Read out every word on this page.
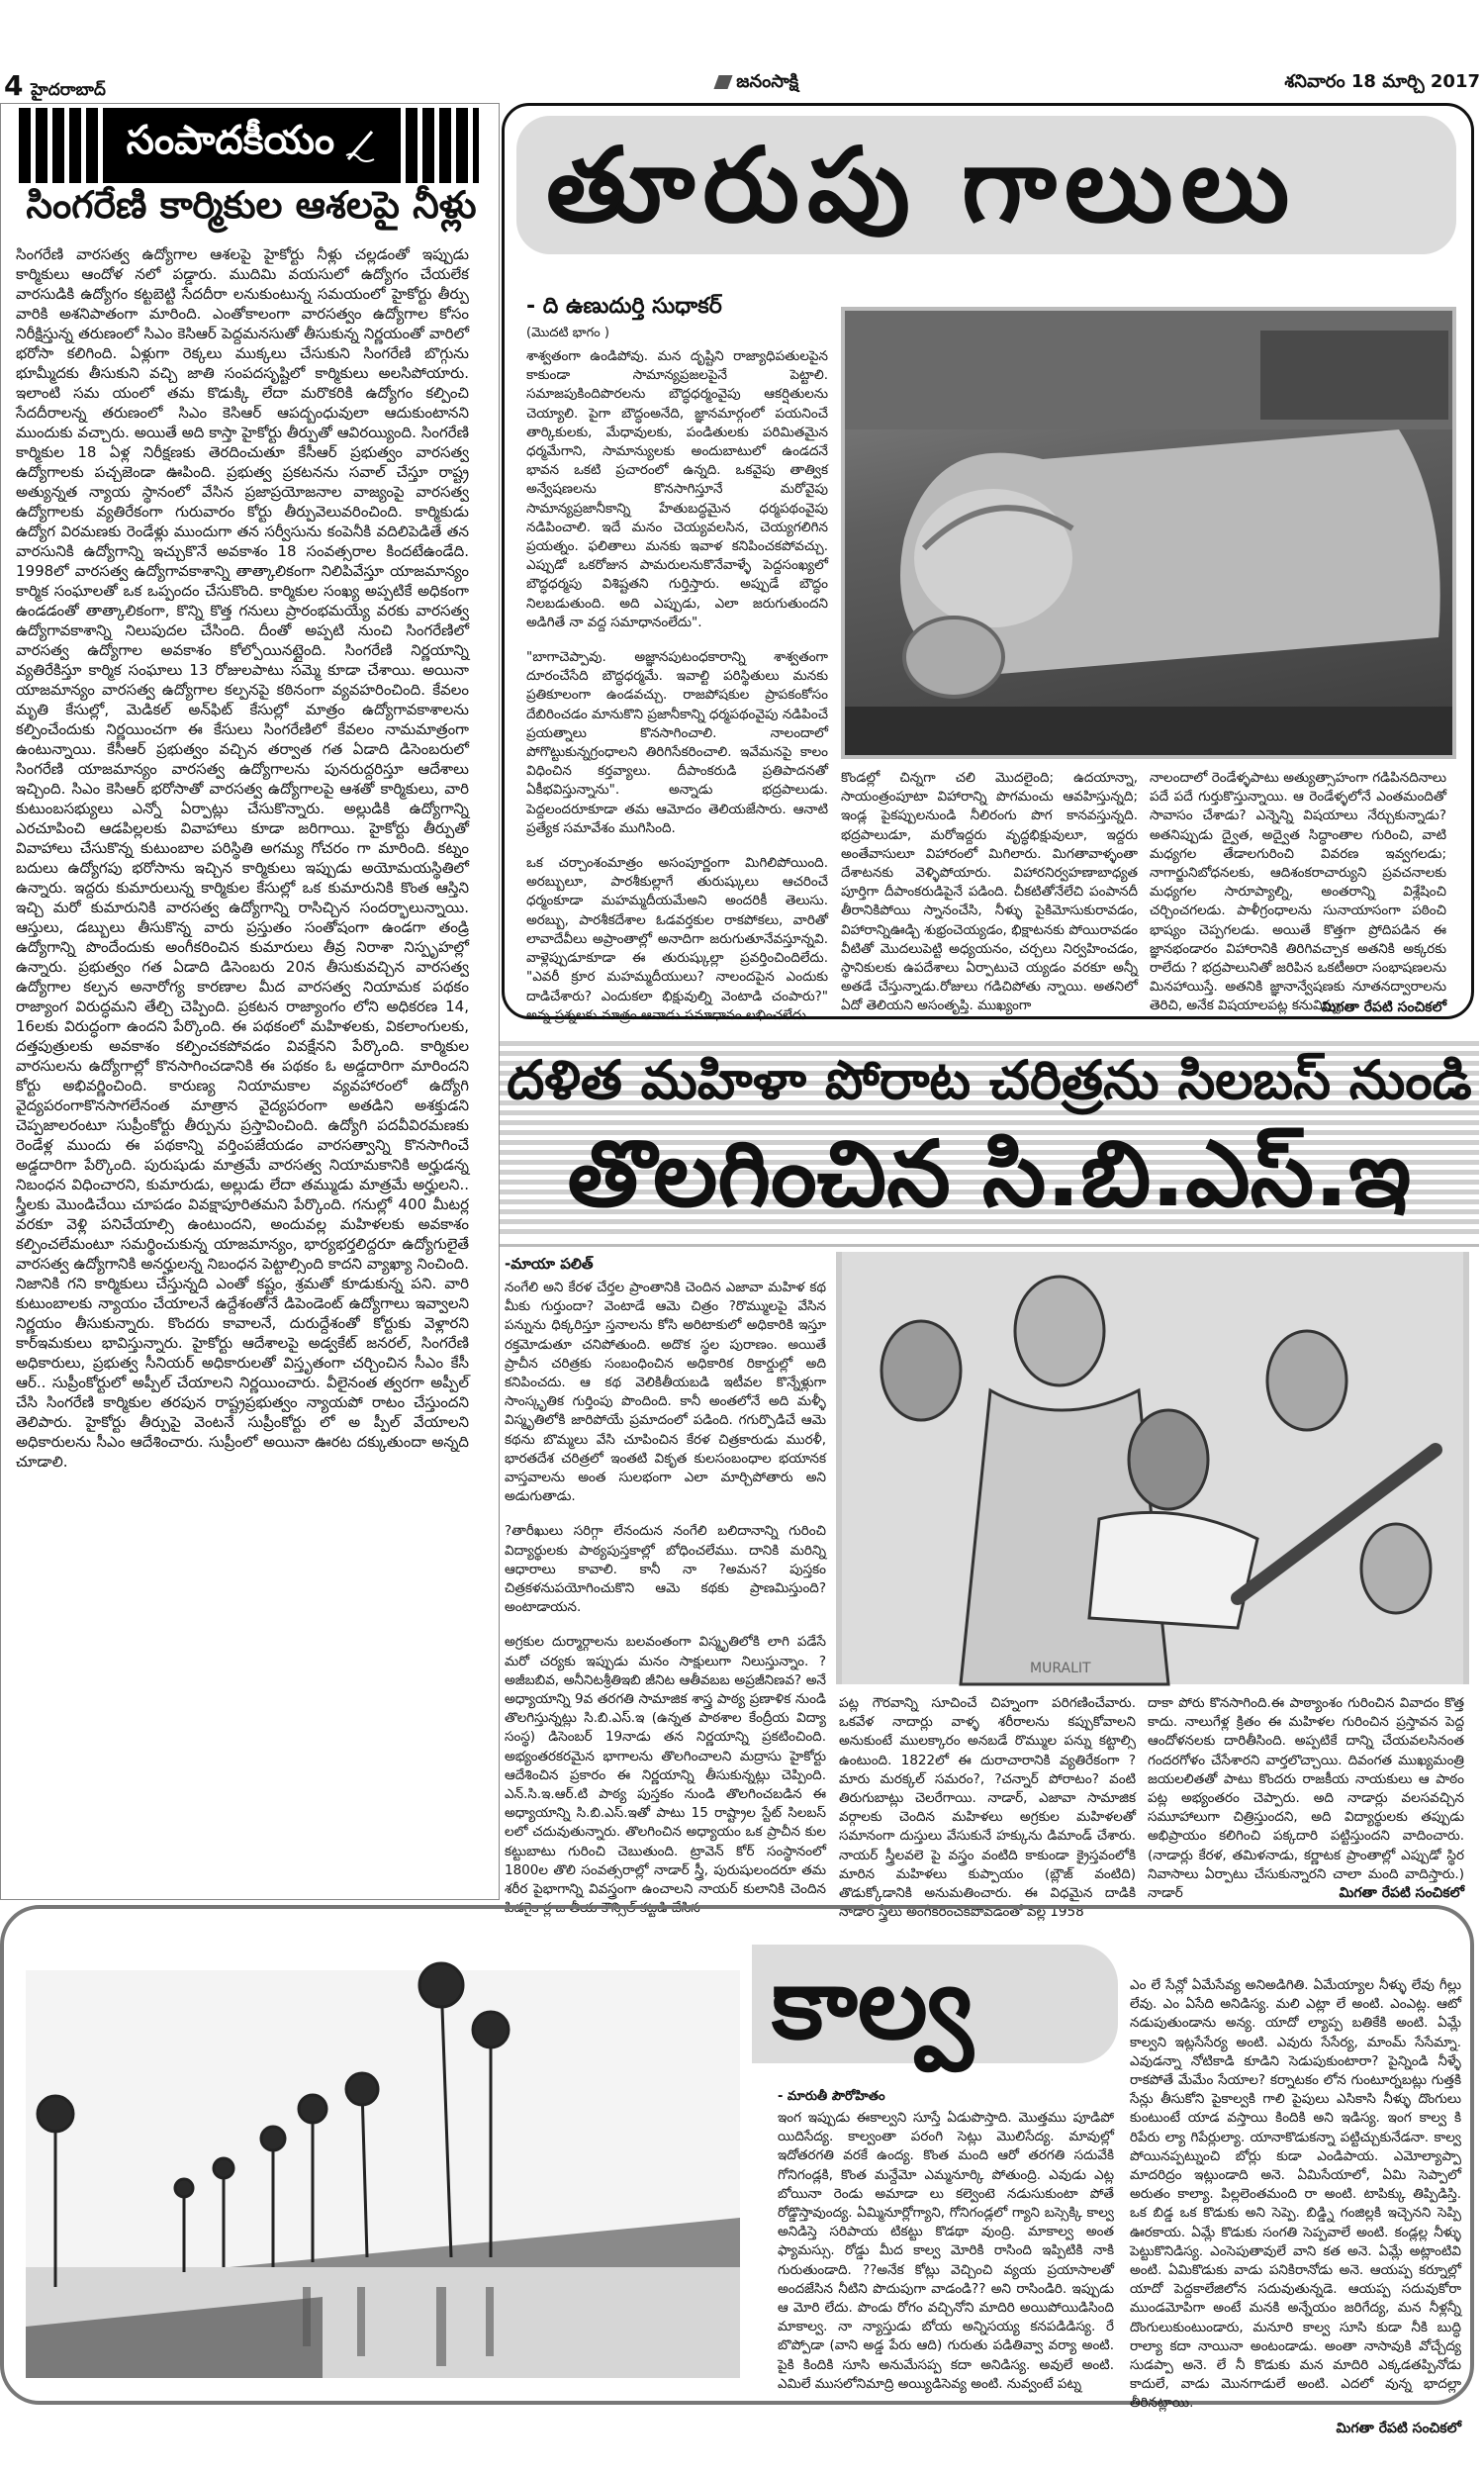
4 హైదరాబాద్	జనంసాక్షి	శనివారం 18 మార్చి 2017
సంపాదకీయం
సింగరేణి కార్మికుల ఆశలపై నీళ్లు
సింగరేణి వారసత్వ ఉద్యోగాల ఆశలపై హైకోర్టు నీళ్లు చల్లడంతో ఇప్పుడు కార్మికులు ఆందోళ నలో పడ్డారు. ముదిమి వయసులో ఉద్యోగం చేయలేక వారసుడికి ఉద్యోగం కట్టబెట్టి సేదదీరా లనుకుంటున్న సమయంలో హైకోర్టు తీర్పు వారికి అశనిపాతంగా మారింది. ఎంతోకాలంగా వారసత్వం ఉద్యోగాల కోసం నిరీక్షిస్తున్న తరుణంలో సిఎం కెసిఆర్ పెద్దమనసుతో తీసుకున్న నిర్ణయంతో వారిలో భరోసా కలిగింది. ఏళ్లుగా రెక్కలు ముక్కలు చేసుకుని సింగరేణి బొగ్గును భూమ్మీదకు తీసుకుని వచ్చి జాతి సంపదసృష్టిలో కార్మికులు అలసిపోయారు. ఇలాంటి సమ యంలో తమ కొడుక్కి లేదా మరొకరికి ఉద్యోగం కల్పించి సేదదీరాలన్న తరుణంలో సిఎం కెసిఆర్ ఆపద్బంధువులా ఆదుకుంటానని ముందుకు వచ్చారు. అయితే అది కాస్తా హైకోర్టు తీర్పుతో ఆవిరయ్యింది. సింగరేణి కార్మికుల 18 ఏళ్ల నిరీక్షణకు తెరదించుతూ కేసీఆర్ ప్రభుత్వం వారసత్వ ఉద్యోగాలకు పచ్చజెండా ఊపింది. ప్రభుత్వ ప్రకటనను సవాల్ చేస్తూ రాష్ట్ర అత్యున్నత న్యాయ స్థానంలో వేసిన ప్రజాప్రయోజనాల వాజ్యంపై వారసత్వ ఉద్యోగాలకు వ్యతిరేకంగా గురువారం కోర్టు తీర్పువెలువరించింది. కార్మికుడు ఉద్యోగ విరమణకు రెండేళ్లు ముందుగా తన సర్వీసును కంపెనీకి వదిలిపెడితే తన వారసునికి ఉద్యోగాన్ని ఇచ్చుకొనే అవకాశం 18 సంవత్సరాల కిందటేఉండేది. 1998లో వారసత్వ ఉద్యోగావకాశాన్ని తాత్కాలికంగా నిలిపివేస్తూ యాజమాన్యం కార్మిక సంఘాలతో ఒక ఒప్పందం చేసుకొంది. కార్మికుల సంఖ్య అప్పటికే అధికంగా ఉండడంతో తాత్కాలికంగా, కొన్ని కొత్త గనులు ప్రారంభమయ్యే వరకు వారసత్వ ఉద్యోగావకాశాన్ని నిలుపుదల చేసింది. దీంతో అప్పటి నుంచి సింగరేణిలో వారసత్వ ఉద్యోగాల అవకాశం కోల్పోయినట్లైంది. సింగరేణి నిర్ణయాన్ని వ్యతిరేకిస్తూ కార్మిక సంఘాలు 13 రోజులపాటు సమ్మె కూడా చేశాయి. అయినా యాజమాన్యం వారసత్వ ఉద్యోగాల కల్పనపై కఠినంగా వ్యవహరించింది. కేవలం మృతి కేసుల్లో, మెడికల్ అన్‌ఫిట్ కేసుల్లో మాత్రం ఉద్యోగావకాశాలను కల్పించేందుకు నిర్ణయించగా ఈ కేసులు సింగరేణిలో కేవలం నామమాత్రంగా ఉంటున్నాయి. కేసీఆర్ ప్రభుత్వం వచ్చిన తర్వాత గత ఏడాది డిసెంబరులో సింగరేణి యాజమాన్యం వారసత్వ ఉద్యోగాలను పునరుద్దరిస్తూ ఆదేశాలు ఇచ్చింది. సిఎం కెసిఆర్ భరోసాతో వారసత్వ ఉద్యోగాలపై ఆశతో కార్మికులు, వారి కుటుంబసభ్యులు ఎన్నో ఏర్పాట్లు చేసుకొన్నారు. అల్లుడికి ఉద్యోగాన్ని ఎరచూపించి ఆడపిల్లలకు వివాహాలు కూడా జరిగాయి. హైకోర్టు తీర్పుతో వివాహాలు చేసుకొన్న కుటుంబాల పరిస్థితి అగమ్య గోచరం గా మారింది. కట్నం బదులు ఉద్యోగపు భరోసాను ఇచ్చిన కార్మికులు ఇప్పుడు అయోమయస్థితిలో ఉన్నారు. ఇద్దరు కుమారులున్న కార్మికుల కేసుల్లో ఒక కుమారునికి కొంత ఆస్తిని ఇచ్చి మరో కుమారునికి వారసత్వ ఉద్యోగాన్ని రాసిచ్చిన సందర్భాలున్నాయి. ఆస్తులు, డబ్బులు తీసుకొన్న వారు ప్రస్తుతం సంతోషంగా ఉండగా తండ్రి ఉద్యోగాన్ని పొందేందుకు అంగీకరించిన కుమారులు తీవ్ర నిరాశా నిస్పృహల్లో ఉన్నారు. ప్రభుత్వం గత ఏడాది డిసెంబరు 20న తీసుకువచ్చిన వారసత్వ ఉద్యోగాల కల్పన అనారోగ్య కారణాల మీద వారసత్వ నియామక పథకం రాజ్యాంగ విరుద్ధమని తేల్చి చెప్పింది. ప్రకటన రాజ్యాంగం లోని అధికరణ 14, 16లకు విరుద్ధంగా ఉందని పేర్కొంది. ఈ పథకంలో మహిళలకు, వికలాంగులకు, దత్తపుత్రులకు అవకాశం కల్పించకపోవడం వివక్షేనని పేర్కొంది. కార్మికుల వారసులను ఉద్యోగాల్లో కొనసాగించడానికి ఈ పథకం ఓ అడ్డదారిగా మారిందని కోర్టు అభివర్ణించింది. కారుణ్య నియామకాల వ్యవహారంలో ఉద్యోగి వైద్యపరంగాకొనసాగలేనంత మాత్రాన వైద్యపరంగా అతడిని అశక్తుడని చెప్పజాలరంటూ సుప్రీంకోర్టు తీర్పును ప్రస్తావించింది. ఉద్యోగి పదవీవిరమణకు రెండేళ్ల ముందు ఈ పథకాన్ని వర్తింపజేయడం వారసత్వాన్ని కొనసాగించే అడ్డదారిగా పేర్కొంది. పురుషుడు మాత్రమే వారసత్వ నియామకానికి అర్హుడన్న నిబంధన విధించారని, కుమారుడు, అల్లుడు లేదా తమ్ముడు మాత్రమే అర్హులని.. స్త్రీలకు మొండిచేయి చూపడం వివక్షాపూరితమని పేర్కొంది. గనుల్లో 400 మీటర్ల వరకూ వెళ్లి పనిచేయాల్సి ఉంటుందని, అందువల్ల మహిళలకు అవకాశం కల్పించలేమంటూ సమర్థించుకున్న యాజమాన్యం, భార్యభర్తలిద్దరూ ఉద్యోగులైతే వారసత్వ ఉద్యోగానికి అనర్హులన్న నిబంధన పెట్టాల్సింది కాదని వ్యాఖ్యా నించింది. నిజానికి గని కార్మికులు చేస్తున్నది ఎంతో కష్టం, శ్రమతో కూడుకున్న పని. వారి కుటుంబాలకు న్యాయం చేయాలనే ఉద్దేశంతోనే డిపెండెంట్ ఉద్యోగాలు ఇవ్వాలని నిర్ణయం తీసుకున్నారు. కొందరు కావాలనే, దురుద్దేశంతో కోర్టుకు వెళ్లారని కార్ఇమకులు భావిస్తున్నారు. హైకోర్టు ఆదేశాలపై అడ్వకేట్ జనరల్, సింగరేణి అధికారులు, ప్రభుత్వ సీనియర్ అధికారులతో విస్తృతంగా చర్చించిన సీఎం కేసీ ఆర్.. సుప్రీంకోర్టులో అప్పీల్ చేయాలని నిర్ణయించారు. వీలైనంత త్వరగా అప్పీల్ చేసి సింగరేణి కార్మికుల తరపున రాష్ట్రప్రభుత్వం న్యాయపో రాటం చేస్తుందని తెలిపారు. హైకోర్టు తీర్పుపై వెంటనే సుప్రీంకోర్టు లో అ ప్పీల్ వేయాలని అధికారులను సీఎం ఆదేశించారు. సుప్రీంలో అయినా ఊరట దక్కుతుందా అన్నది చూడాలి.
తూరుపు గాలులు
- ది ఉణుదుర్తి సుధాకర్
(మొదటి భాగం )

శాశ్వతంగా ఉండిపోవు. మన దృష్టిని రాజ్యాధిపతులపైన కాకుండా సామాన్యప్రజలపైనే పెట్టాలి. సమాజపుకిందిపొరలను బౌద్ధధర్మంవైపు ఆకర్షితులను చెయ్యాలి. పైగా బౌద్ధంఅనేది, జ్ఞానమార్గంలో పయనించే తార్కికులకు, మేధావులకు, పండితులకు పరిమితమైన ధర్మమేగాని, సామాన్యులకు అందుబాటులో ఉండదనే భావన ఒకటి ప్రచారంలో ఉన్నది. ఒకవైపు తాత్విక అన్వేషణలను కొనసాగిస్తూనే మరోవైపు సామాన్యప్రజానీకాన్ని హేతుబద్ధమైన ధర్మపథంవైపు నడిపించాలి. ఇదే మనం చెయ్యవలసిన, చెయ్యగలిగిన ప్రయత్నం. ఫలితాలు మనకు ఇవాళ కనిపించకపోవచ్చు. ఎప్పుడో ఒకరోజున పామరులనుకొనేవాళ్ళే పెద్దసంఖ్యలో బౌద్ధధర్మపు విశిష్టతని గుర్తిస్తారు. అప్పుడే బౌద్ధం నిలబడుతుంది. అది ఎప్పుడు, ఎలా జరుగుతుందని అడిగితే నా వద్ద సమాధానంలేదు".

"బాగాచెప్పావు. అజ్ఞానపుటంధకారాన్ని శాశ్వతంగా దూరంచేసేది బౌద్ధధర్మమే. ఇవాల్టి పరిస్థితులు మనకు ప్రతికూలంగా ఉండవచ్చు. రాజపోషకుల ప్రాపకంకోసం దేబిరించడం మానుకొని ప్రజానీకాన్ని ధర్మపథంవైపు నడిపించే ప్రయత్నాలు కొనసాగించాలి. నాలందాలో పోగొట్టుకున్నగ్రంధాలని తిరిగిసేకరించాలి. ఇవేమనపై కాలం విధించిన కర్తవ్యాలు. దీపాంకరుడి ప్రతిపాదనతో ఏకీభవిస్తున్నాను". అన్నాడు భద్రపాలుడు. పెద్దలందరూకూడా తమ ఆమోదం తెలియజేసారు. ఆనాటి ప్రత్యేక సమావేశం ముగిసింది.

ఒక చర్చాంశంమాత్రం అసంపూర్ణంగా మిగిలిపోయింది. అరబ్బులూ, పారశీకుల్లాగే తురుష్కులు ఆచరించే ధర్మంకూడా మహమ్మదీయమేఅని అందరికీ తెలుసు. అరబ్బు, పారశీకదేశాల ఓడవర్తకుల రాకపోకలు, వారితో లావాదేవీలు అప్రాంతాల్లో అనాదిగా జరుగుతూనేవస్తూన్నవి. వాళ్లెప్పుడూకూడా ఈ తురుష్కుల్లా ప్రవర్తించిందిలేదు. "ఎవరీ క్రూర మహమ్మదీయులు? నాలందపైన ఎందుకు దాడిచేశారు? ఎందుకలా భిక్షువుల్ని వెంటాడి చంపారు?" అన్న ప్రశ్నలకు మాత్రం ఆనాడు సమాధానం లభించలేదు.

కొండల్లో చిన్నగా చలి మొదలైంది; ఉదయాన్నా, సాయంత్రంపూటా విహారాన్ని పొగమంచు ఆవహిస్తున్నది; ఇండ్ల పైకప్పులనుండి నీలిరంగు పొగ కానవస్తున్నది. భద్రపాలుడూ, మరోఇద్దరు వృద్ధభిక్షువులూ, ఇద్దరు అంతేవాసులూ విహారంలో మిగిలారు. మిగతావాళ్ళంతా దేశాటనకు వెళ్ళిపోయారు. విహారనిర్వహణాబాధ్యత పూర్తిగా దీపాంకరుడిపైనే పడింది. చీకటితోనేలేచి పంపానదీ తీరానికిపోయి స్నానంచేసి, నీళ్ళు పైకిమోసుకురావడం, విహారాన్నిఊడ్చి శుభ్రంచెయ్యడం, భిక్షాటనకు పోయిరావడం వీటితో మొదలుపెట్టి అధ్యయనం, చర్చలు నిర్వహించడం, స్థానికులకు ఉపదేశాలు ఏర్పాటుచె య్యడం వరకూ అన్నీ అతడే చేస్తున్నాడు.రోజులు గడిచిపోతు న్నాయి. అతనిలో ఏదో తెలియని అసంతృప్తి. ముఖ్యంగా
నాలందాలో రెండేళ్ళపాటు అత్యుత్సాహంగా గడిపినదినాలు పదే పదే గుర్తుకొస్తున్నాయి. ఆ రెండేళ్ళలోనే ఎంతమందితో సావాసం చేశాడు? ఎన్నెన్ని విషయాలు నేర్చుకున్నాడు? అతనిప్పుడు ద్వైత, అద్వైత సిద్ధాంతాల గురించి, వాటి మధ్యగల తేడాలగురించి వివరణ ఇవ్వగలడు; నాగార్జునిబోధనలకు, ఆదిశంకరాచార్యుని ప్రవచనాలకు మధ్యగల సారూప్యాల్ని, అంతరాన్ని విశ్లేషించి చర్చించగలడు. పాళీగ్రంధాలను సునాయాసంగా పఠించి భాష్యం చెప్పగలడు. అయితే కొత్తగా ప్రోదిపడిన ఈ జ్ఞానభండారం విహారానికి తిరిగివచ్చాక అతనికి అక్కరకు రాలేదు ? భద్రపాలునితో జరిపిన ఒకటీఅరా సంభాషణలను మినహాయిస్తే. అతనికి జ్ఞానాన్వేషణకు నూతనద్వారాలను తెరిచి, అనేక విషయాలపట్ల కనువిప్పు
మిగతా రేపటి సంచికలో
దళిత మహిళా పోరాట చరిత్రను సిలబస్ నుండి
తొలగించిన సి.బి.ఎస్.ఇ
-మాయా పలిత్

నంగేలి అని కేరళ చేర్తల ప్రాంతానికి చెందిన ఎజావా మహిళ కథ మీకు గుర్తుందా? వెంటాడే ఆమె చిత్రం ?రొమ్ములపై వేసిన పన్నును ధిక్కరిస్తూ స్తనాలను కోసి అరిటాకులో అధికారికి ఇస్తూ రక్తమోడుతూ చనిపోతుంది. అదొక స్థల పురాణం. అయితే ప్రాచీన చరిత్రకు సంబంధించిన అధికారిక రికార్డుల్లో అది కనిపించదు. ఆ కథ వెలికితీయబడి ఇటీవల కొన్నేళ్లుగా సాంస్కృతిక గుర్తింపు పొందింది. కానీ అంతలోనే అది మళ్ళీ విస్మృతిలోకి జారిపోయే ప్రమాదంలో పడింది. గగుర్పొడిచే ఆమె కథను బొమ్మలు వేసి చూపించిన కేరళ చిత్రకారుడు మురళీ, భారతదేశ చరిత్రలో ఇంతటి వికృత కులసంబంధాల భయానక వాస్తవాలను అంత సులభంగా ఎలా మార్చిపోతారు అని అడుగుతాడు.

?తారీఖులు సరిగ్గా లేనందున నంగేలి బలిదానాన్ని గురించి విద్యార్థులకు పాఠ్యపుస్తకాల్లో బోధించలేము. దానికి మరిన్ని ఆధారాలు కావాలి. కానీ నా ?అమన? పుస్తకం చిత్రకళనుపయోగించుకొని ఆమె కథకు ప్రాణమిస్తుంది? అంటాడాయన.

అగ్రకుల దుర్మార్గాలను బలవంతంగా విస్మృతిలోకి లాగి పడేసే మరో చర్యకు ఇప్పుడు మనం సాక్షులుగా నిలుస్తున్నాం. ?అజీబబివ, అనీనిటశ్రీతిఇబి జీనిట ఆతీవబబ అప్రజీనిణవ? అనే అధ్యాయాన్ని 9వ తరగతి సామాజిక శాస్త్ర పాఠ్య ప్రణాళిక నుండి తొలగిస్తున్నట్లు సి.బి.ఎస్.ఇ (ఉన్నత పాఠశాల కేంద్రీయ విద్యా సంస్థ) డిసెంబర్ 19నాడు తన నిర్ణయాన్ని ప్రకటించింది. అభ్యంతరకరమైన భాగాలను తొలగించాలని మద్రాసు హైకోర్టు ఆదేశించిన ప్రకారం ఈ నిర్ణయాన్ని తీసుకున్నట్లు చెప్పింది. ఎన్.సి.ఇ.ఆర్.టి పాఠ్య పుస్తకం నుండి తొలగించబడిన ఈ అధ్యాయాన్ని సి.బి.ఎస్.ఇతో పాటు 15 రాష్ట్రాల స్టేట్ సిలబస్ లలో చదువుతున్నారు. తొలగించిన అధ్యాయం ఒక ప్రాచీన కుల కట్టుబాటు గురించి చెబుతుంది. ట్రావెన్ కోర్ సంస్థానంలో 1800ల తొలి సంవత్సరాల్లో నాడార్ స్త్రీ, పురుషులందరూ తమ శరీర పైభాగాన్ని వివస్త్రంగా ఉంచాలని నాయర్ కులానికి చెందిన పిడగైకార్ల జాతీయ కౌన్సిల్ కట్టడి చేసిన

MURALIT
పట్ల గౌరవాన్ని సూచించే చిహ్నంగా పరిగణించేవారు. ఒకవేళ నాదార్లు వాళ్ళ శరీరాలను కప్పుకోవాలని అనుకుంటే ములక్కారం అనబడే రొమ్ముల పన్ను కట్టాల్సి ఉంటుంది. 1822లో ఈ దురాచారానికి వ్యతిరేకంగా ?మారు మరక్కల్ సమరం?, ?చన్నార్ పోరాటం? వంటి తిరుగుబాట్లు చెలరేగాయి. నాడార్, ఎజావా సామాజిక వర్గాలకు చెందిన మహిళలు అగ్రకుల మహిళలతో సమానంగా దుస్తులు వేసుకునే హక్కును డిమాండ్ చేశారు. నాయర్ స్త్రీలవలె పై వస్త్రం వంటిది కాకుండా క్రైస్తవంలోకి మారిన మహిళలు కుప్పాయం (బ్లౌజ్ వంటిది) తొడుక్కోడానికి అనుమతించారు. ఈ విధమైన దాడికి నాడార్ స్త్రీలు అంగీకరించకపోవడంతో వల్ల 1958
దాకా పోరు కొనసాగింది.ఈ పాఠ్యాంశం గురించిన వివాదం కొత్త కాదు. నాలుగేళ్ల క్రితం ఈ మహిళల గురించిన ప్రస్తావన పెద్ద ఆందోళనలకు దారితీసింది. అప్పటికే దాన్ని చేయవలసినంత గందరగోళం చేసేశారని వార్తలొచ్చాయి. దివంగత ముఖ్యమంత్రి జయలలితతో పాటు కొందరు రాజకీయ నాయకులు ఆ పాఠం పట్ల అభ్యంతరం చెప్పారు. అది నాడార్లు వలసవచ్చిన సమూహాలుగా చిత్రిస్తుందని, అది విద్యార్థులకు తప్పుడు అభిప్రాయం కలిగించి పక్కదారి పట్టిస్తుందని వాదించారు. (నాడార్లు కేరళ, తమిళనాడు, కర్ణాటక ప్రాంతాల్లో ఎప్పుడో స్థిర నివాసాలు ఏర్పాటు చేసుకున్నారని చాలా మంది వాదిస్తారు.) నాడార్	మిగతా రేపటి సంచికలో
కాల్వ
- మారుతీ పౌరోహితం
ఇంగ ఇప్పుడు ఈకాల్వని సూస్తే ఏడుపొస్తాది. మొత్తము పూడిపో యిదిసేద్య. కాల్వంతా పరంగి సెట్లు మొలిసేద్య. మావుల్లో ఇదోతరగతి వరకే ఉంద్య. కొంత మంది ఆరో తరగతి సదువేకి గోనిగండ్లకి, కొంత మన్దేమో ఎమ్మనూర్కి పోతుంద్రి. ఎవుడు ఎట్ల బోయినా రెండు అమాడా లు కల్వెంటె నడుసుకుంటా పోతే రోడ్డొస్తావుంద్య. ఏమ్మినూర్లోగ్యాని, గోనిగండ్లలో గ్యాని బస్సెక్కి కాల్వ అనిడిస్తె సరిపాయ టికట్టు కొడథా వుంద్రి. మాకాల్వ అంత ఫ్యామస్సు. రోడ్డు మీద కాల్వ మోరికి రాసింది ఇప్పిటికి నాకి గురుతుండాది. ??అనేక కోట్లు వెచ్చించి వ్యయ ప్రయాసాలతో అందజేసిన నీటిని పొదుపుగా వాడండి?? అని రాసిండిరి. ఇప్పుడు ఆ మోరి లేదు. పొండు రోగం వచ్చినోని మాదిరి అయిపోయిడిసింది మాకాల్వ. నా న్యాస్తుడు బోయ అన్నిసయ్య కనపడిడిస్య. రే బొప్పోడా (వాని అడ్డ పేరు ఆది) గురుతు పడితివ్వా వర్యా అంటి. పైకి కిందికి సూసి అనుమేసప్ప కదా అనిడిస్య. అవులే అంటి. ఎమిలే ముసలోనిమాద్రి అయ్యిడిసెవ్య అంటి. నువ్వంటే పట్న
ఎం లే సేన్లో ఏమేసేవ్య అనిఅడిగితి. ఏమేయ్యాల నీళ్ళు లేవు గీల్లు లేవు. ఎం ఏసేది అనిడిస్య. మలి ఎట్లా లే అంటి. ఎంఎట్ల. ఆటో నడుపుతుండాను అన్య. యాదో ల్యాప్ప బతికేకి అంటి. ఏమ్లే కాల్వని ఇట్లసేసేర్య అంటి. ఎవురు సేసేర్య, మాంమ్ సేసేమ్నా. ఎవుడన్నా నోటికాడి కూడిని సెడుపుకుంటారా? పైన్నిండి నీళ్ళే రాకపోతే మేమేం సేయాల? కర్నాటకం లోన గుంటూర్నబట్లు గుత్తకి సేన్లు తీసుకోని పైకాల్వకి గాలి పైపులు ఎసికాసి నీళ్ళు దొంగులు కుంటుంటే యాడ వస్తాయి కిందికి అని ఇడిస్య. ఇంగ కాల్వ కి రిపేరు ల్యా గిపేర్లుల్యా. యానాకొడుకన్నా పట్టిచ్చుకునేడనా. కాల్వ పోయినప్పట్నుంచి బోర్లు కుడా ఎండిపాయ. ఎమోల్యాప్పా మాదరిద్రం ఇట్లుండాది అనె. ఏమిసేయాలో, ఏమి సెప్పాలో అరుతం కాల్యా. పిల్లలెంతమంది రా అంటి. టాపిక్కు తిప్పిడిస్తి. ఒక బిడ్డ ఒక కొడుకు అని సెప్పె. బిడ్డ్ని గంజిల్లకి ఇచ్చెనని సెప్పి ఊరకాయ. ఏమ్లే కొడుకు సంగతి సెప్పవాలే అంటి. కండ్లల్ల నీళ్ళు పెట్టుకొనిడిస్య. ఎంసెపుతావులే వాని కత అనె. ఏమ్లే అట్లాంటివి అంటి. ఏమికొడుకు వాడు పనికిరానోడు అనె. ఆయప్ప కర్నూల్లో యాదో పెద్దకాలేజిలోన సదువుతున్నడె. ఆయప్ప సదువుకోరా ముండమోపిగా అంటే మనకి అన్నేయం జరిగేద్య, మన నీళ్లన్నీ దొంగులుకుంటుండారు, మనూరి కాల్వ సూసి కుడా నీకి బుద్ధి రాల్యా కదా నాయినా అంటండాడు. అంతా నాసావుకి వోచ్చేద్య సుడప్పా అనె. లే నీ కొడుకు మన మాదిరి ఎక్కడతప్పినోడు కాదులే, వాడు మొనగాడులే అంటి. ఎదలో వున్న భాదల్లా తీరినట్లాయి.
మిగతా రేపటి సంచికలో
